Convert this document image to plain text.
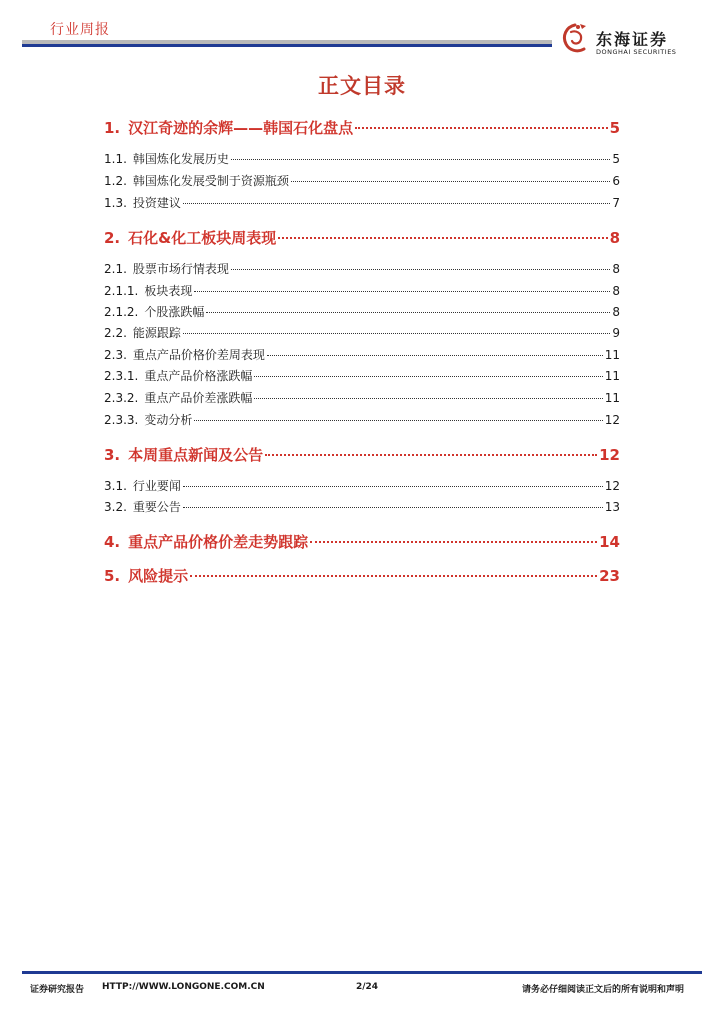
行业周报	东海证券
DONGHAI SECURITIES
正文目录
1. 汉江奇迹的余辉——韩国石化盘点	5
1.1. 韩国炼化发展历史	5
1.2. 韩国炼化发展受制于资源瓶颈	6
1.3. 投资建议	7
2. 石化&化工板块周表现	8
2.1. 股票市场行情表现	8
2.1.1. 板块表现	8
2.1.2. 个股涨跌幅	8
2.2. 能源跟踪	9
2.3. 重点产品价格价差周表现	11
2.3.1. 重点产品价格涨跌幅	11
2.3.2. 重点产品价差涨跌幅	11
2.3.3. 变动分析	12
3. 本周重点新闻及公告	12
3.1. 行业要闻	12
3.2. 重要公告	13
4. 重点产品价格价差走势跟踪	14
5. 风险提示	23
证券研究报告 HTTP://WWW.LONGONE.COM.CN	2/24	请务必仔细阅读正文后的所有说明和声明
